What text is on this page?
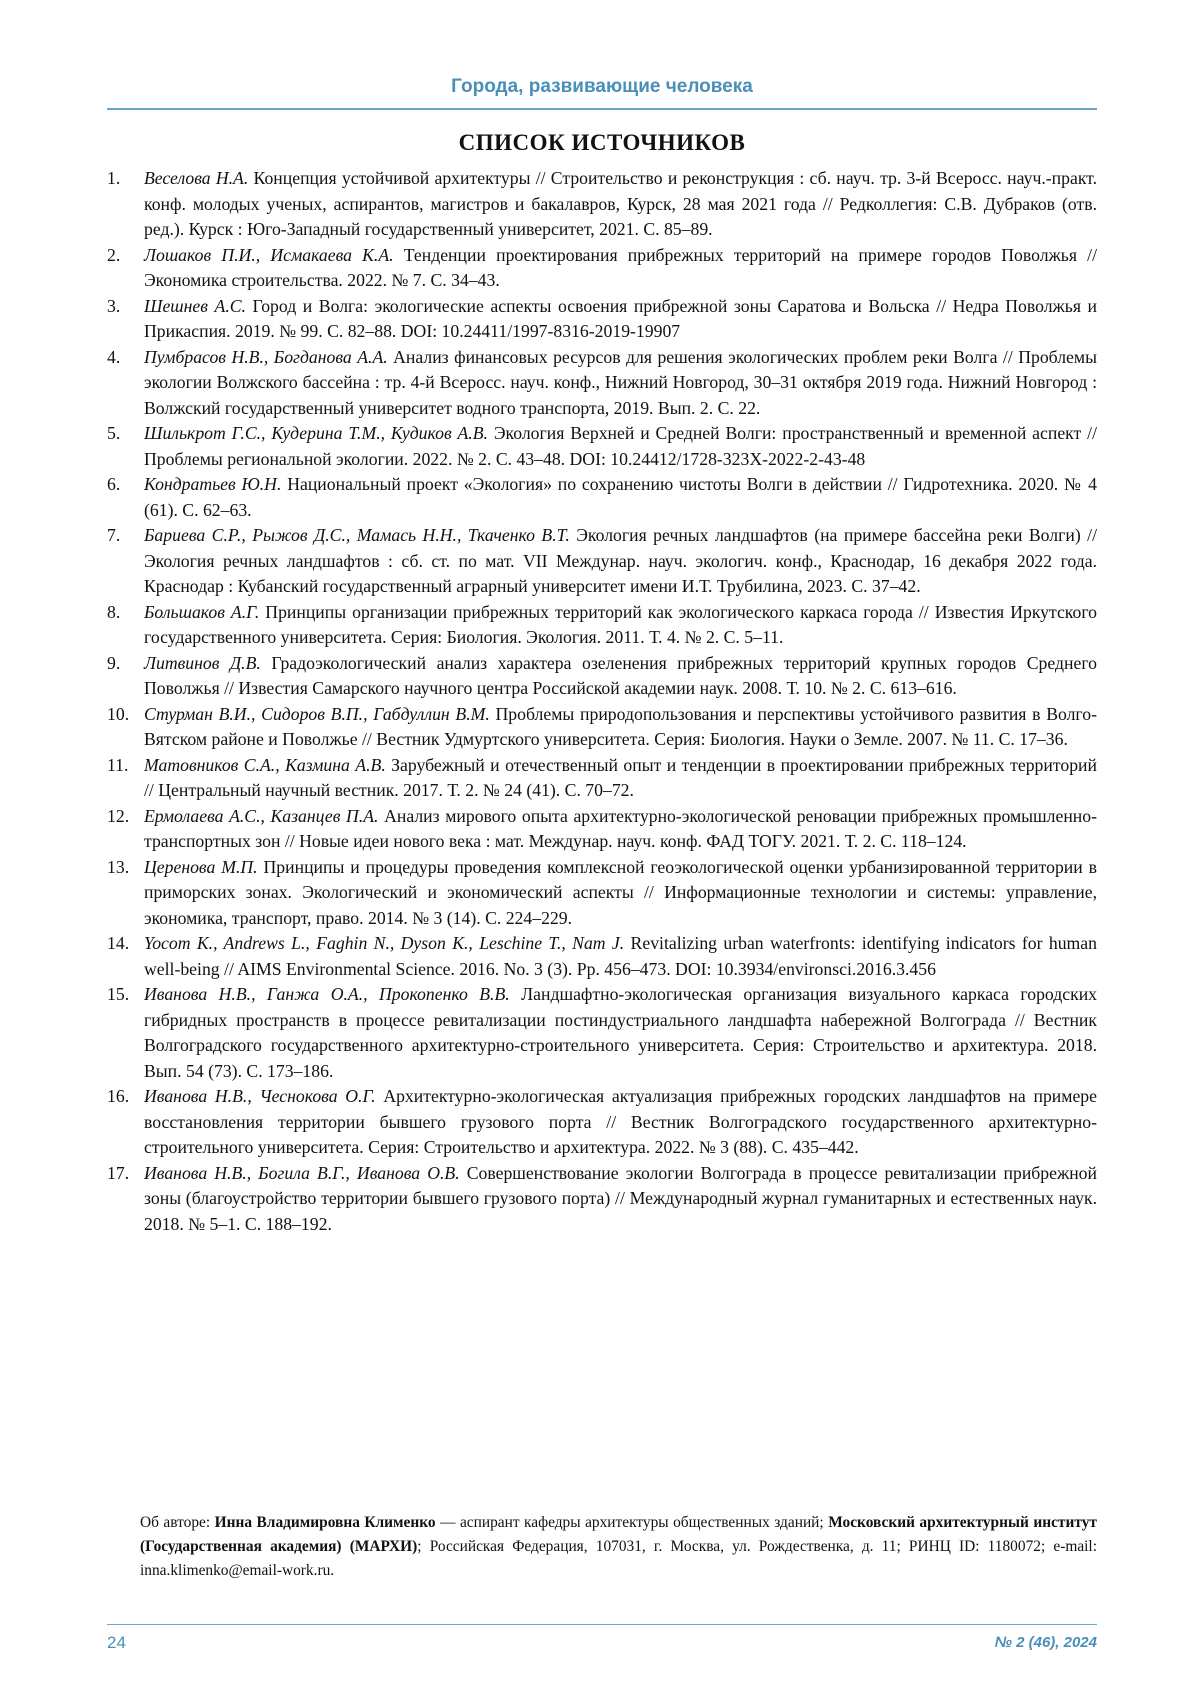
Города, развивающие человека
СПИСОК ИСТОЧНИКОВ
1. Веселова Н.А. Концепция устойчивой архитектуры // Строительство и реконструкция : сб. науч. тр. 3-й Всеросс. науч.-практ. конф. молодых ученых, аспирантов, магистров и бакалавров, Курск, 28 мая 2021 года // Редколлегия: С.В. Дубраков (отв. ред.). Курск : Юго-Западный государственный университет, 2021. С. 85–89.
2. Лошаков П.И., Исмакаева К.А. Тенденции проектирования прибрежных территорий на примере городов Поволжья // Экономика строительства. 2022. № 7. С. 34–43.
3. Шешнев А.С. Город и Волга: экологические аспекты освоения прибрежной зоны Саратова и Вольска // Недра Поволжья и Прикаспия. 2019. № 99. С. 82–88. DOI: 10.24411/1997-8316-2019-19907
4. Пумбрасов Н.В., Богданова А.А. Анализ финансовых ресурсов для решения экологических проблем реки Волга // Проблемы экологии Волжского бассейна : тр. 4-й Всеросс. науч. конф., Нижний Новгород, 30–31 октября 2019 года. Нижний Новгород : Волжский государственный университет водного транспорта, 2019. Вып. 2. С. 22.
5. Шилькрот Г.С., Кудерина Т.М., Кудиков А.В. Экология Верхней и Средней Волги: пространственный и временной аспект // Проблемы региональной экологии. 2022. № 2. С. 43–48. DOI: 10.24412/1728-323X-2022-2-43-48
6. Кондратьев Ю.Н. Национальный проект «Экология» по сохранению чистоты Волги в действии // Гидротехника. 2020. № 4 (61). С. 62–63.
7. Бариева С.Р., Рыжов Д.С., Мамась Н.Н., Ткаченко В.Т. Экология речных ландшафтов (на примере бассейна реки Волги) // Экология речных ландшафтов : сб. ст. по мат. VII Междунар. науч. экологич. конф., Краснодар, 16 декабря 2022 года. Краснодар : Кубанский государственный аграрный университет имени И.Т. Трубилина, 2023. С. 37–42.
8. Большаков А.Г. Принципы организации прибрежных территорий как экологического каркаса города // Известия Иркутского государственного университета. Серия: Биология. Экология. 2011. Т. 4. № 2. С. 5–11.
9. Литвинов Д.В. Градоэкологический анализ характера озеленения прибрежных территорий крупных городов Среднего Поволжья // Известия Самарского научного центра Российской академии наук. 2008. Т. 10. № 2. С. 613–616.
10. Стурман В.И., Сидоров В.П., Габдуллин В.М. Проблемы природопользования и перспективы устойчивого развития в Волго-Вятском районе и Поволжье // Вестник Удмуртского университета. Серия: Биология. Науки о Земле. 2007. № 11. С. 17–36.
11. Матовников С.А., Казмина А.В. Зарубежный и отечественный опыт и тенденции в проектировании прибрежных территорий // Центральный научный вестник. 2017. Т. 2. № 24 (41). С. 70–72.
12. Ермолаева А.С., Казанцев П.А. Анализ мирового опыта архитектурно-экологической реновации прибрежных промышленно-транспортных зон // Новые идеи нового века : мат. Междунар. науч. конф. ФАД ТОГУ. 2021. Т. 2. С. 118–124.
13. Церенова М.П. Принципы и процедуры проведения комплексной геоэкологической оценки урбанизированной территории в приморских зонах. Экологический и экономический аспекты // Информационные технологии и системы: управление, экономика, транспорт, право. 2014. № 3 (14). С. 224–229.
14. Yocom K., Andrews L., Faghin N., Dyson K., Leschine T., Nam J. Revitalizing urban waterfronts: identifying indicators for human well-being // AIMS Environmental Science. 2016. No. 3 (3). Pp. 456–473. DOI: 10.3934/environsci.2016.3.456
15. Иванова Н.В., Ганжа О.А., Прокопенко В.В. Ландшафтно-экологическая организация визуального каркаса городских гибридных пространств в процессе ревитализации постиндустриального ландшафта набережной Волгограда // Вестник Волгоградского государственного архитектурно-строительного университета. Серия: Строительство и архитектура. 2018. Вып. 54 (73). С. 173–186.
16. Иванова Н.В., Чеснокова О.Г. Архитектурно-экологическая актуализация прибрежных городских ландшафтов на примере восстановления территории бывшего грузового порта // Вестник Волгоградского государственного архитектурно-строительного университета. Серия: Строительство и архитектура. 2022. № 3 (88). С. 435–442.
17. Иванова Н.В., Богила В.Г., Иванова О.В. Совершенствование экологии Волгограда в процессе ревитализации прибрежной зоны (благоустройство территории бывшего грузового порта) // Международный журнал гуманитарных и естественных наук. 2018. № 5–1. С. 188–192.
Об авторе: Инна Владимировна Клименко — аспирант кафедры архитектуры общественных зданий; Московский архитектурный институт (Государственная академия) (МАРХИ); Российская Федерация, 107031, г. Москва, ул. Рождественка, д. 11; РИНЦ ID: 1180072; e-mail: inna.klimenko@email-work.ru.
24	№ 2 (46), 2024
